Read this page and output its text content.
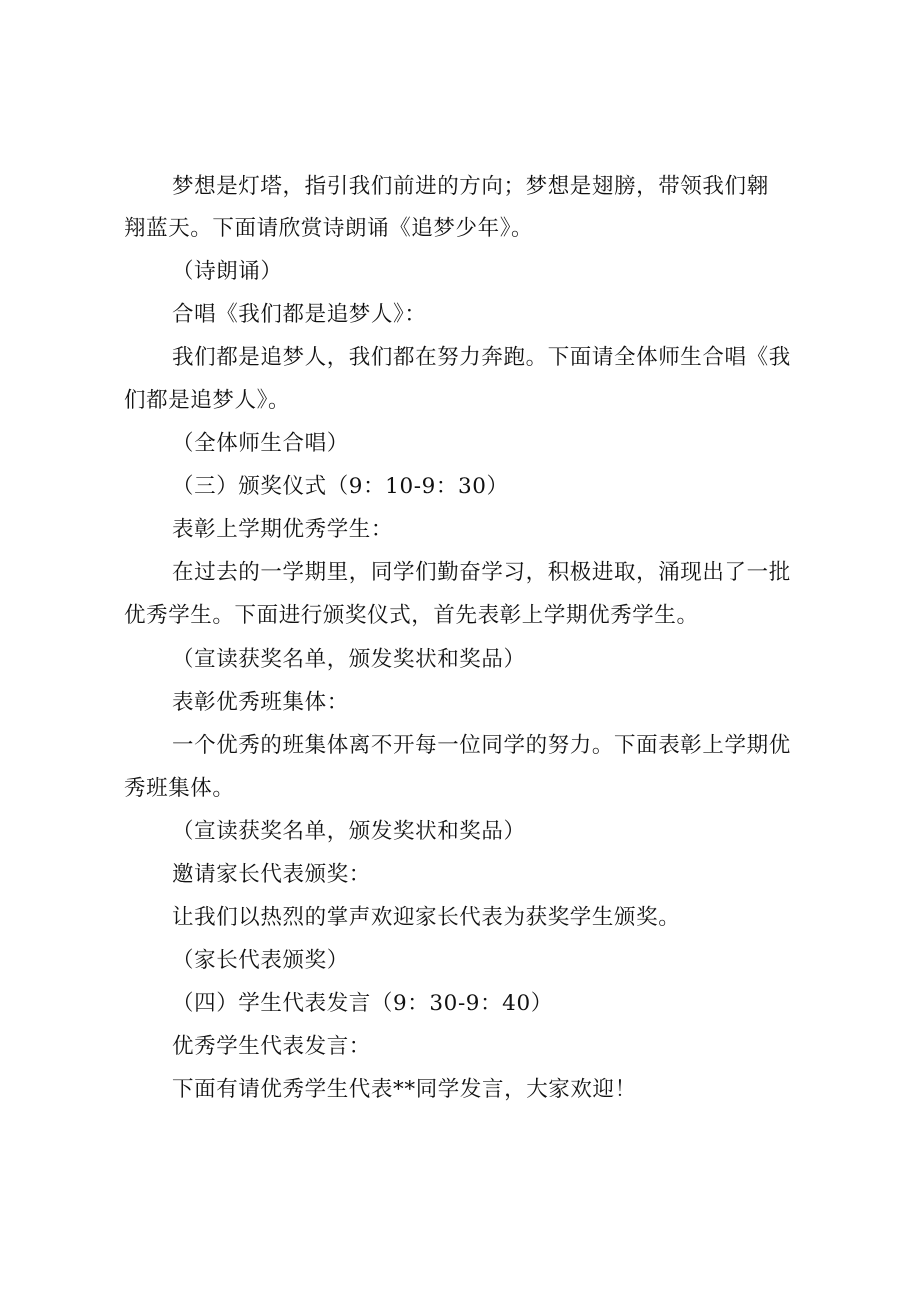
梦想是灯塔，指引我们前进的方向；梦想是翅膀，带领我们翱
翔蓝天。下面请欣赏诗朗诵《追梦少年》。
（诗朗诵）
合唱《我们都是追梦人》：
我们都是追梦人，我们都在努力奔跑。下面请全体师生合唱《我
们都是追梦人》。
（全体师生合唱）
（三）颁奖仪式（9：10-9：30）
表彰上学期优秀学生：
在过去的一学期里，同学们勤奋学习，积极进取，涌现出了一批
优秀学生。下面进行颁奖仪式，首先表彰上学期优秀学生。
（宣读获奖名单，颁发奖状和奖品）
表彰优秀班集体：
一个优秀的班集体离不开每一位同学的努力。下面表彰上学期优
秀班集体。
（宣读获奖名单，颁发奖状和奖品）
邀请家长代表颁奖：
让我们以热烈的掌声欢迎家长代表为获奖学生颁奖。
（家长代表颁奖）
（四）学生代表发言（9：30-9：40）
优秀学生代表发言：
下面有请优秀学生代表**同学发言，大家欢迎！
